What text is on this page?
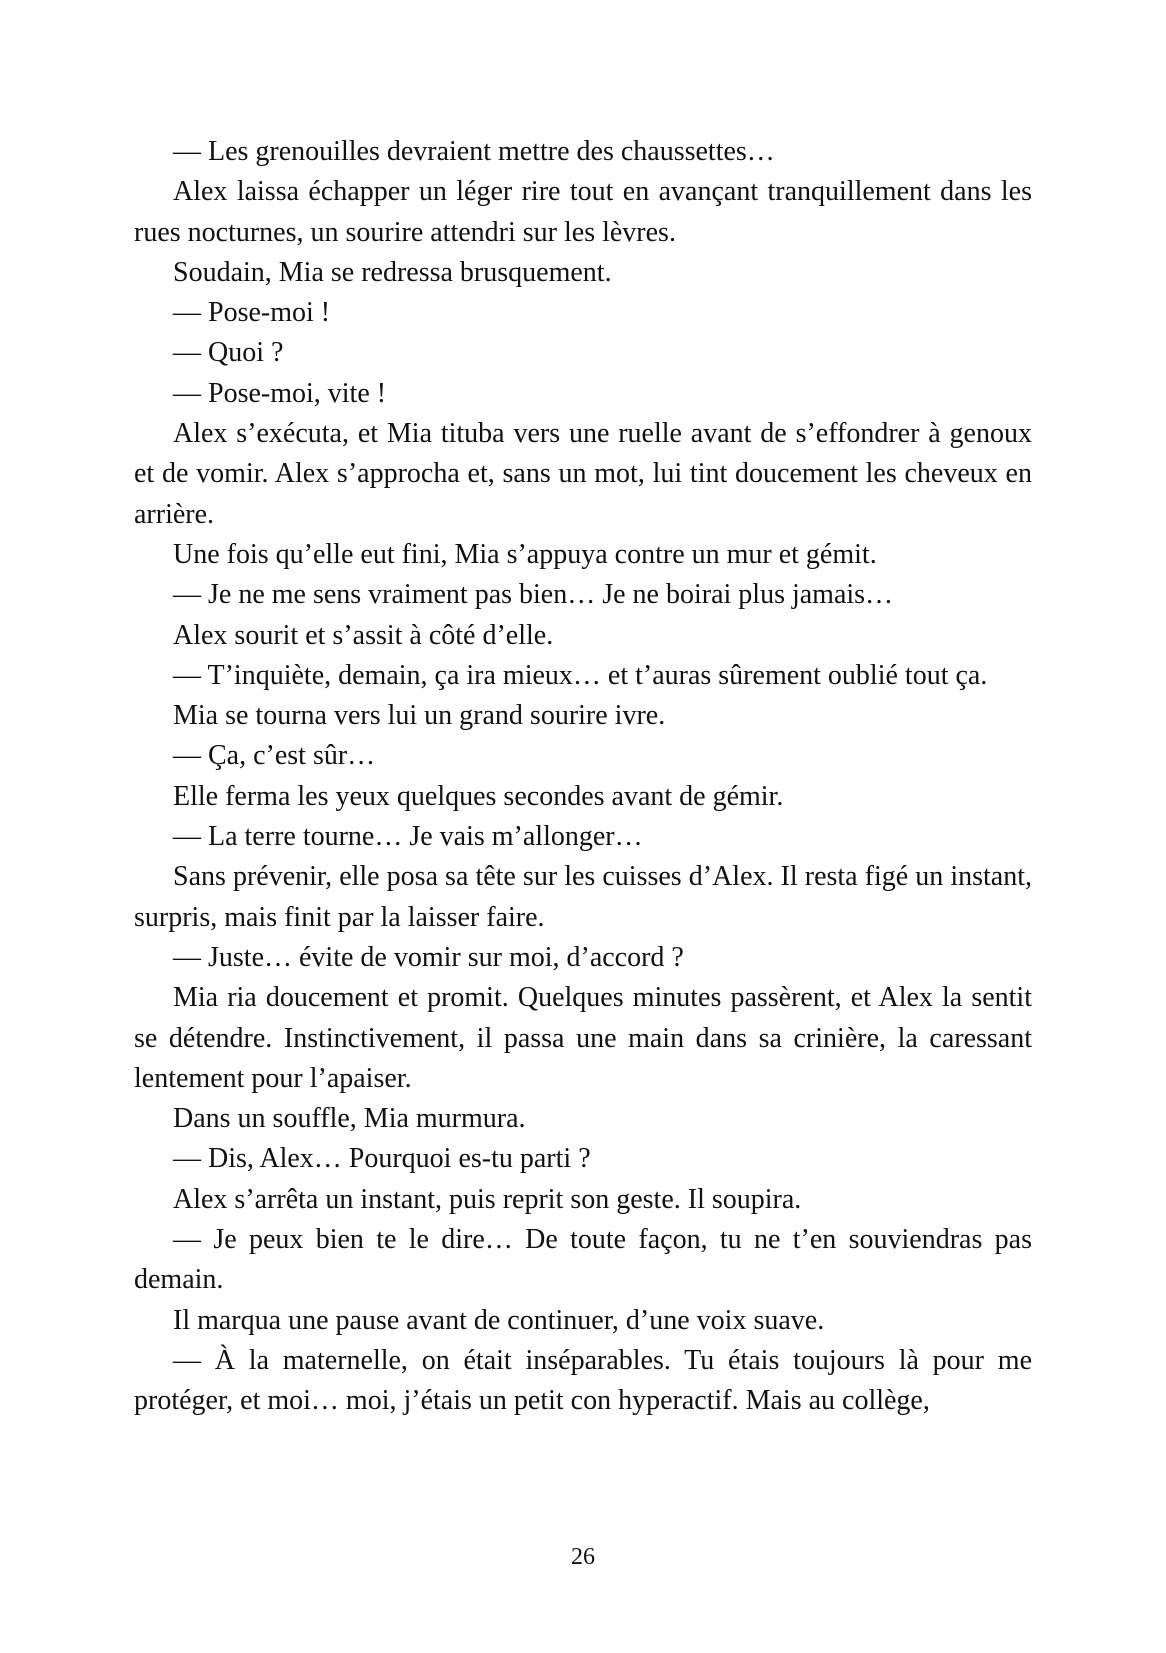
— Les grenouilles devraient mettre des chaussettes…

Alex laissa échapper un léger rire tout en avançant tranquillement dans les rues nocturnes, un sourire attendri sur les lèvres.

Soudain, Mia se redressa brusquement.

— Pose-moi !

— Quoi ?

— Pose-moi, vite !

Alex s’exécuta, et Mia tituba vers une ruelle avant de s’effondrer à genoux et de vomir. Alex s’approcha et, sans un mot, lui tint doucement les cheveux en arrière.

Une fois qu’elle eut fini, Mia s’appuya contre un mur et gémit.

— Je ne me sens vraiment pas bien… Je ne boirai plus jamais…

Alex sourit et s’assit à côté d’elle.

— T’inquiète, demain, ça ira mieux… et t’auras sûrement oublié tout ça.

Mia se tourna vers lui un grand sourire ivre.

— Ça, c’est sûr…

Elle ferma les yeux quelques secondes avant de gémir.

— La terre tourne… Je vais m’allonger…

Sans prévenir, elle posa sa tête sur les cuisses d’Alex. Il resta figé un instant, surpris, mais finit par la laisser faire.

— Juste… évite de vomir sur moi, d’accord ?

Mia ria doucement et promit. Quelques minutes passèrent, et Alex la sentit se détendre. Instinctivement, il passa une main dans sa crinière, la caressant lentement pour l’apaiser.

Dans un souffle, Mia murmura.

— Dis, Alex… Pourquoi es-tu parti ?

Alex s’arrêta un instant, puis reprit son geste. Il soupira.

— Je peux bien te le dire… De toute façon, tu ne t’en souviendras pas demain.

Il marqua une pause avant de continuer, d’une voix suave.

— À la maternelle, on était inséparables. Tu étais toujours là pour me protéger, et moi… moi, j’étais un petit con hyperactif. Mais au collège,

26
